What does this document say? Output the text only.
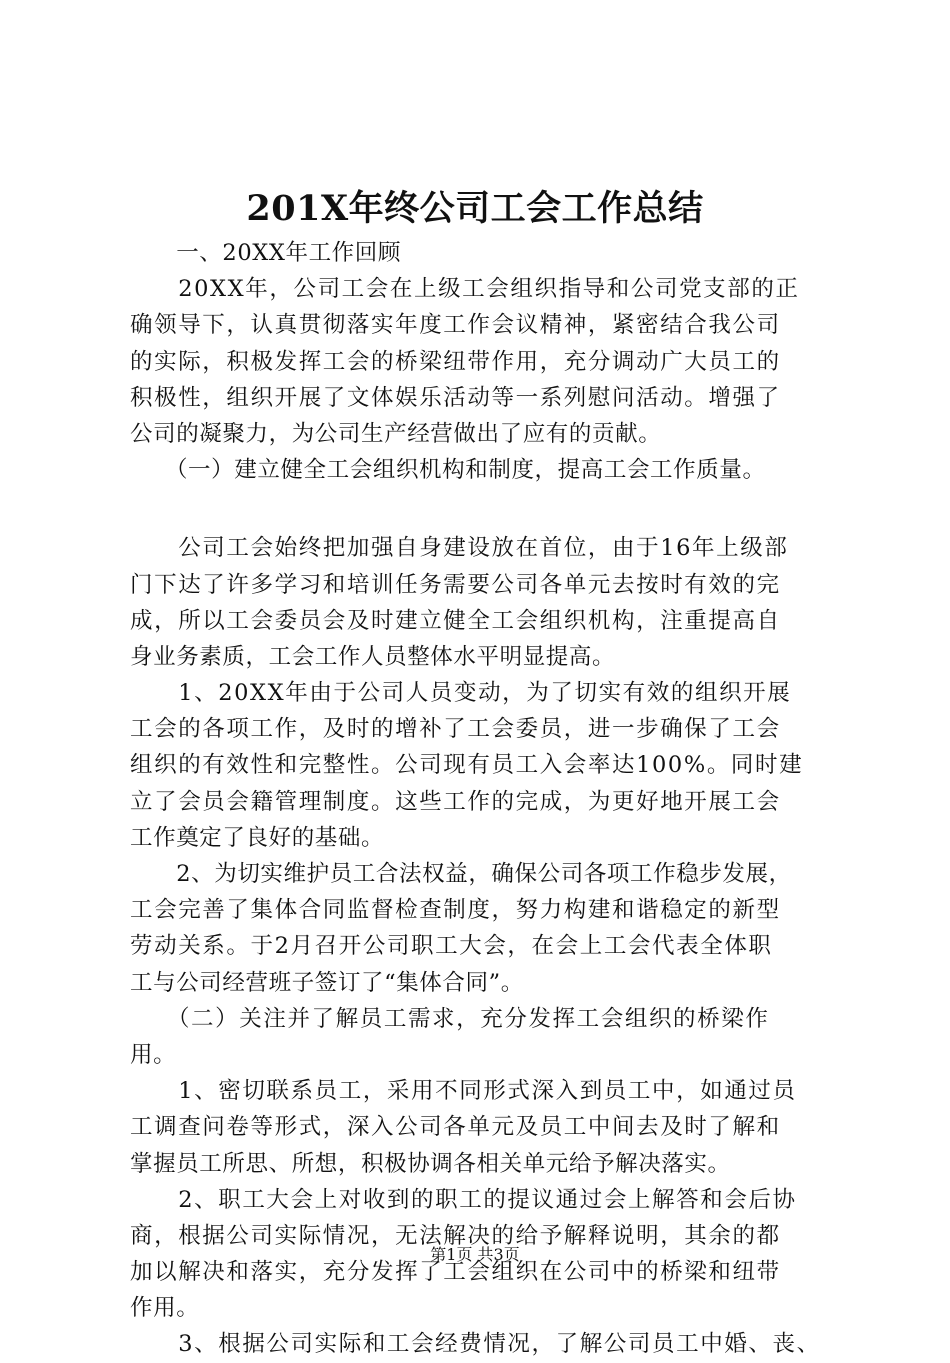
201X年终公司工会工作总结
　　一、20XX年工作回顾
　　20XX年，公司工会在上级工会组织指导和公司党支部的正
确领导下，认真贯彻落实年度工作会议精神，紧密结合我公司
的实际，积极发挥工会的桥梁纽带作用，充分调动广大员工的
积极性，组织开展了文体娱乐活动等一系列慰问活动。增强了
公司的凝聚力，为公司生产经营做出了应有的贡献。
　　（一）建立健全工会组织机构和制度，提高工会工作质量。
　　公司工会始终把加强自身建设放在首位，由于16年上级部
门下达了许多学习和培训任务需要公司各单元去按时有效的完
成，所以工会委员会及时建立健全工会组织机构，注重提高自
身业务素质，工会工作人员整体水平明显提高。
　　1、20XX年由于公司人员变动，为了切实有效的组织开展
工会的各项工作，及时的增补了工会委员，进一步确保了工会
组织的有效性和完整性。公司现有员工入会率达100%。同时建
立了会员会籍管理制度。这些工作的完成，为更好地开展工会
工作奠定了良好的基础。
　　2、为切实维护员工合法权益，确保公司各项工作稳步发展，
工会完善了集体合同监督检查制度，努力构建和谐稳定的新型
劳动关系。于2月召开公司职工大会，在会上工会代表全体职
工与公司经营班子签订了“集体合同”。
　　（二）关注并了解员工需求，充分发挥工会组织的桥梁作
用。
　　1、密切联系员工，采用不同形式深入到员工中，如通过员
工调查问卷等形式，深入公司各单元及员工中间去及时了解和
掌握员工所思、所想，积极协调各相关单元给予解决落实。
　　2、职工大会上对收到的职工的提议通过会上解答和会后协
商，根据公司实际情况，无法解决的给予解释说明，其余的都
加以解决和落实，充分发挥了工会组织在公司中的桥梁和纽带
作用。
　　3、根据公司实际和工会经费情况，了解公司员工中婚、丧、
第1页 共3页
